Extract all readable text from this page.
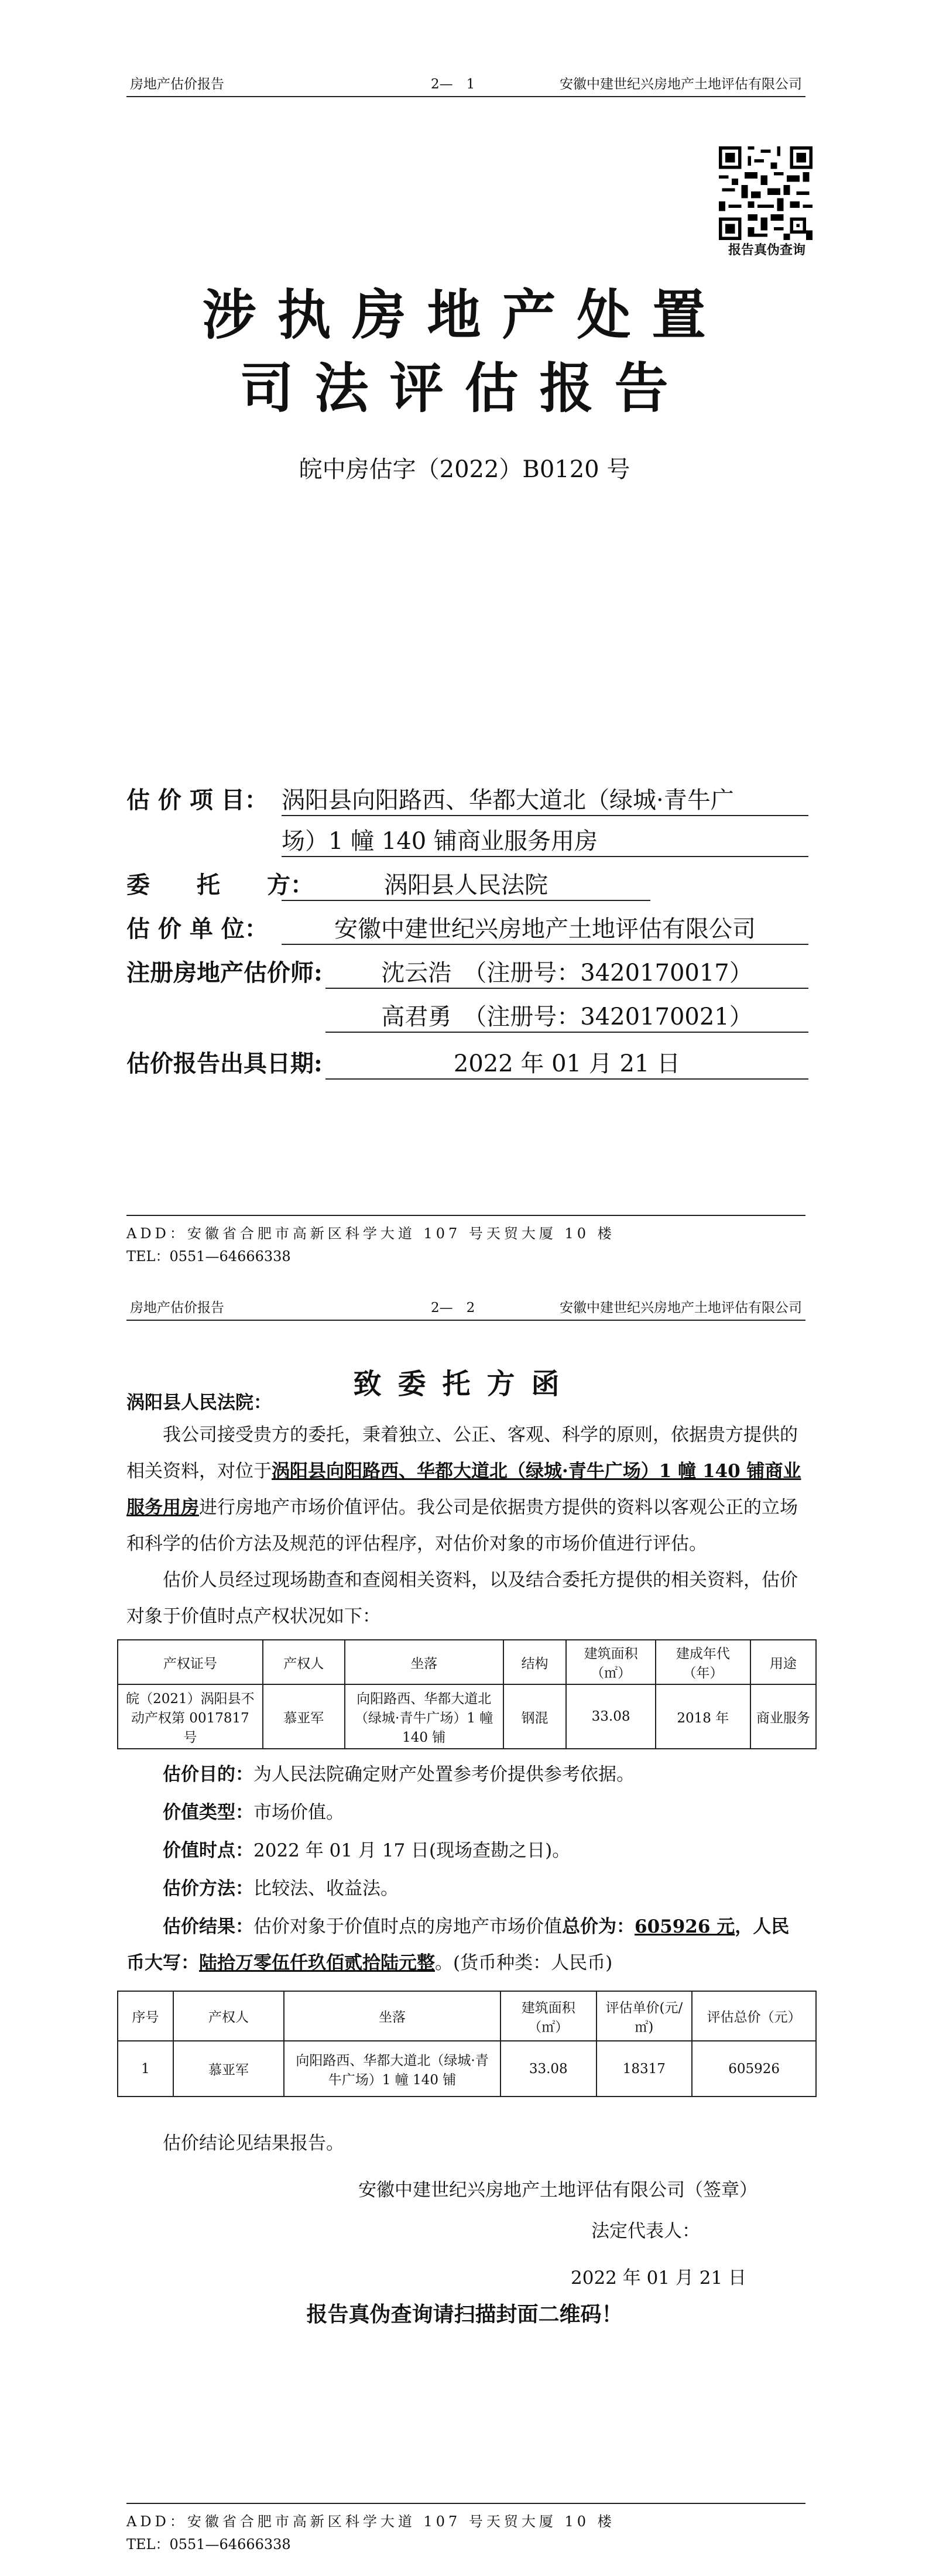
房地产估价报告	2—　1	安徽中建世纪兴房地产土地评估有限公司
报告真伪查询
涉执房地产处置
司法评估报告
皖中房估字（2022）B0120 号
估 价 项 目： 涡阳县向阳路西、华都大道北（绿城·青牛广
场）1 幢 140 铺商业服务用房
委　　托　　方：	涡阳县人民法院
估 价 单 位：	安徽中建世纪兴房地产土地评估有限公司
注册房地产估价师:	沈云浩　（注册号：3420170017）
高君勇　（注册号：3420170021）
估价报告出具日期:	2022 年 01 月 21 日
ADD：安徽省合肥市高新区科学大道 107 号天贸大厦 10 楼
TEL：0551—64666338
房地产估价报告	2—　2	安徽中建世纪兴房地产土地评估有限公司
致委托方函
涡阳县人民法院：
我公司接受贵方的委托，秉着独立、公正、客观、科学的原则，依据贵方提供的相关资料，对位于涡阳县向阳路西、华都大道北（绿城·青牛广场）1 幢 140 铺商业服务用房进行房地产市场价值评估。我公司是依据贵方提供的资料以客观公正的立场和科学的估价方法及规范的评估程序，对估价对象的市场价值进行评估。
估价人员经过现场勘查和查阅相关资料，以及结合委托方提供的相关资料，估价对象于价值时点产权状况如下：
产权证号	产权人	坐落	结构	建筑面积（㎡）	建成年代（年）	用途
皖（2021）涡阳县不动产权第 0017817 号	慕亚军	向阳路西、华都大道北（绿城·青牛广场）1 幢 140 铺	钢混	33.08	2018 年	商业服务
估价目的：为人民法院确定财产处置参考价提供参考依据。
价值类型：市场价值。
价值时点：2022 年 01 月 17 日(现场查勘之日)。
估价方法：比较法、收益法。
估价结果：估价对象于价值时点的房地产市场价值总价为：605926 元，人民币大写：陆拾万零伍仟玖佰贰拾陆元整。(货币种类：人民币)
序号	产权人	坐落	建筑面积（㎡）	评估单价(元/㎡)	评估总价（元）
1	慕亚军	向阳路西、华都大道北（绿城·青牛广场）1 幢 140 铺	33.08	18317	605926
估价结论见结果报告。
安徽中建世纪兴房地产土地评估有限公司（签章）
法定代表人：
2022 年 01 月 21 日
报告真伪查询请扫描封面二维码！
ADD：安徽省合肥市高新区科学大道 107 号天贸大厦 10 楼
TEL：0551—64666338
